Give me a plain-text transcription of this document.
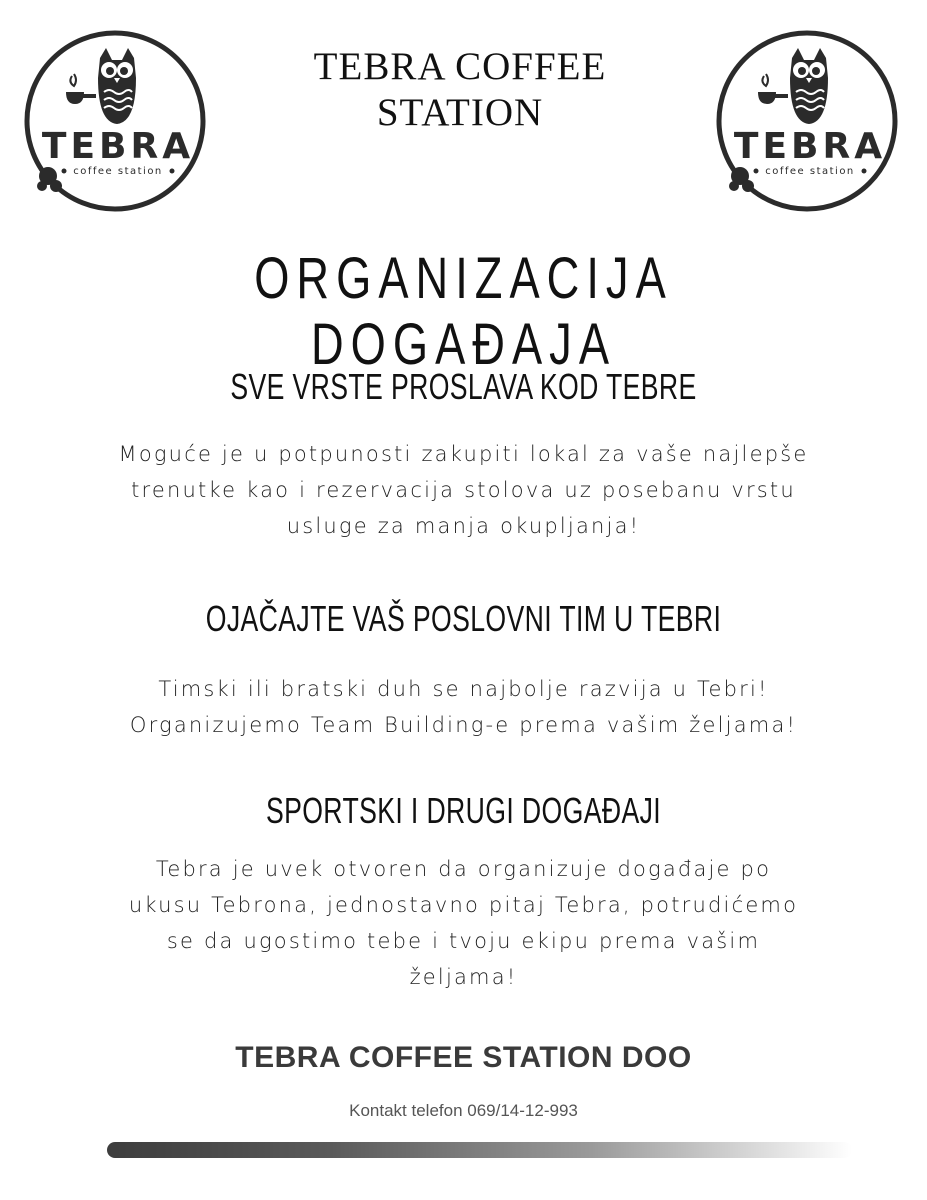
TEBRA
coffee station
TEBRA
coffee station
TEBRA COFFEE
STATION
ORGANIZACIJA DOGAĐAJA
SVE VRSTE PROSLAVA KOD TEBRE
Moguće je u potpunosti zakupiti lokal za vaše najlepše
trenutke kao i rezervacija stolova uz posebanu vrstu
usluge za manja okupljanja!
OJAČAJTE VAŠ POSLOVNI TIM U TEBRI
Timski ili bratski duh se najbolje razvija u Tebri!
Organizujemo Team Building-e prema vašim željama!
SPORTSKI I DRUGI DOGAĐAJI
Tebra je uvek otvoren da organizuje događaje po
ukusu Tebrona, jednostavno pitaj Tebra, potrudićemo
se da ugostimo tebe i tvoju ekipu prema vašim
željama!
TEBRA COFFEE STATION DOO
Kontakt telefon 069/14-12-993
